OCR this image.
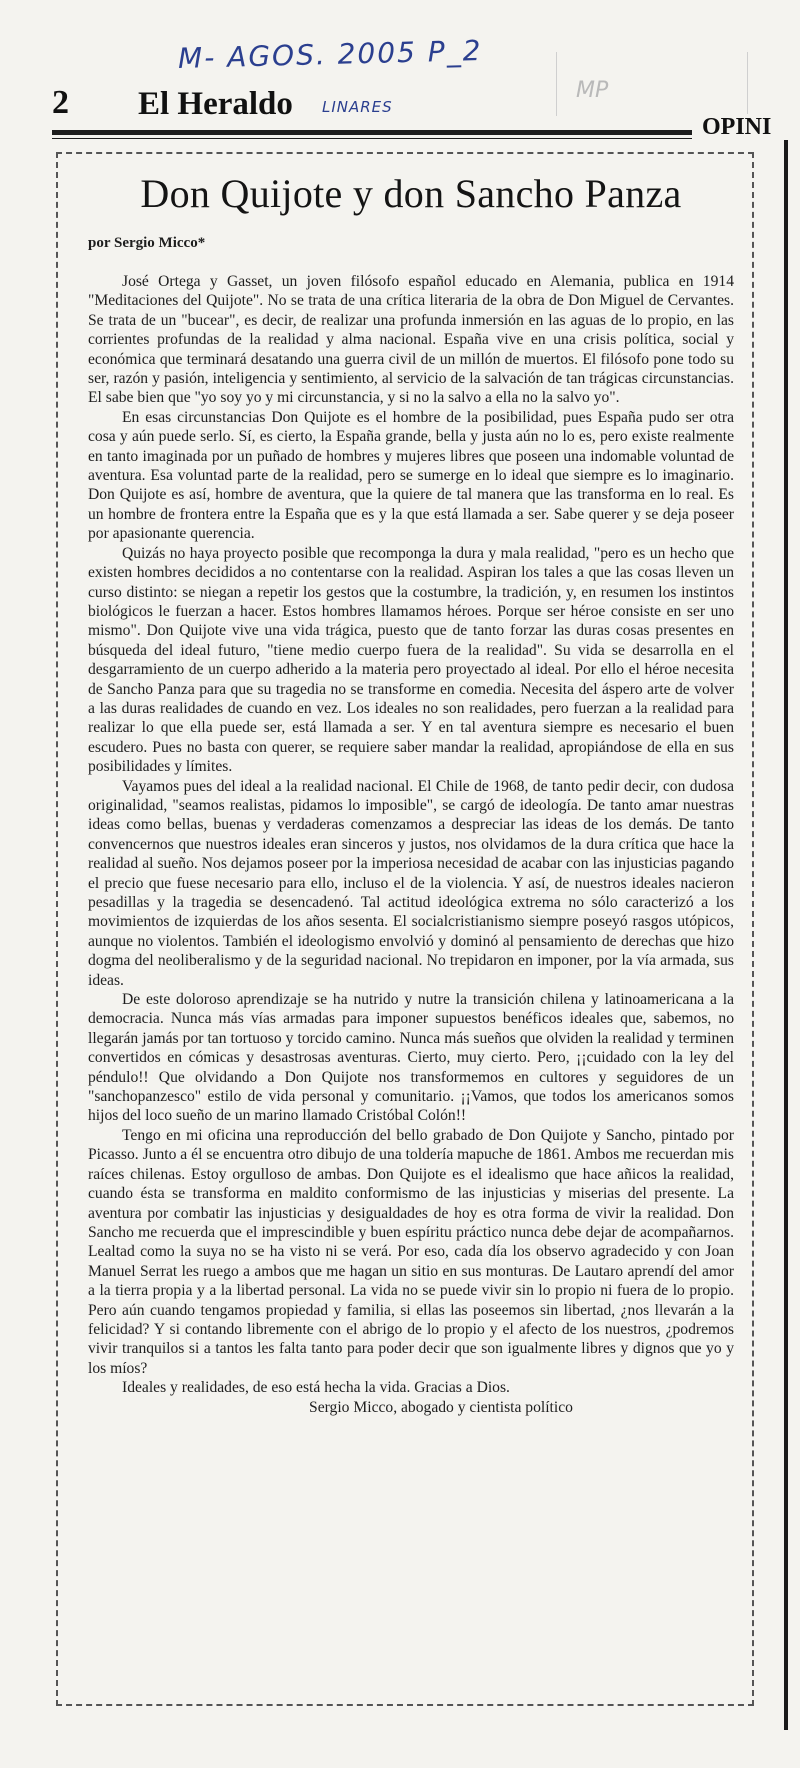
M- AGOS. 2005 P_2
MP
2 El Heraldo
OPINI
LINARES
Don Quijote y don Sancho Panza
por Sergio Micco*

José Ortega y Gasset, un joven filósofo español educado en Alemania, publica en 1914 "Meditaciones del Quijote". No se trata de una crítica literaria de la obra de Don Miguel de Cervantes. Se trata de un "bucear", es decir, de realizar una profunda inmersión en las aguas de lo propio, en las corrientes profundas de la realidad y alma nacional. España vive en una crisis política, social y económica que terminará desatando una guerra civil de un millón de muertos. El filósofo pone todo su ser, razón y pasión, inteligencia y sentimiento, al servicio de la salvación de tan trágicas circunstancias. El sabe bien que "yo soy yo y mi circunstancia, y si no la salvo a ella no la salvo yo".

En esas circunstancias Don Quijote es el hombre de la posibilidad, pues España pudo ser otra cosa y aún puede serlo. Sí, es cierto, la España grande, bella y justa aún no lo es, pero existe realmente en tanto imaginada por un puñado de hombres y mujeres libres que poseen una indomable voluntad de aventura. Esa voluntad parte de la realidad, pero se sumerge en lo ideal que siempre es lo imaginario. Don Quijote es así, hombre de aventura, que la quiere de tal manera que las transforma en lo real. Es un hombre de frontera entre la España que es y la que está llamada a ser. Sabe querer y se deja poseer por apasionante querencia.

Quizás no haya proyecto posible que recomponga la dura y mala realidad, "pero es un hecho que existen hombres decididos a no contentarse con la realidad. Aspiran los tales a que las cosas lleven un curso distinto: se niegan a repetir los gestos que la costumbre, la tradición, y, en resumen los instintos biológicos le fuerzan a hacer. Estos hombres llamamos héroes. Porque ser héroe consiste en ser uno mismo". Don Quijote vive una vida trágica, puesto que de tanto forzar las duras cosas presentes en búsqueda del ideal futuro, "tiene medio cuerpo fuera de la realidad". Su vida se desarrolla en el desgarramiento de un cuerpo adherido a la materia pero proyectado al ideal. Por ello el héroe necesita de Sancho Panza para que su tragedia no se transforme en comedia. Necesita del áspero arte de volver a las duras realidades de cuando en vez. Los ideales no son realidades, pero fuerzan a la realidad para realizar lo que ella puede ser, está llamada a ser. Y en tal aventura siempre es necesario el buen escudero. Pues no basta con querer, se requiere saber mandar la realidad, apropiándose de ella en sus posibilidades y límites.

Vayamos pues del ideal a la realidad nacional. El Chile de 1968, de tanto pedir decir, con dudosa originalidad, "seamos realistas, pidamos lo imposible", se cargó de ideología. De tanto amar nuestras ideas como bellas, buenas y verdaderas comenzamos a despreciar las ideas de los demás. De tanto convencernos que nuestros ideales eran sinceros y justos, nos olvidamos de la dura crítica que hace la realidad al sueño. Nos dejamos poseer por la imperiosa necesidad de acabar con las injusticias pagando el precio que fuese necesario para ello, incluso el de la violencia. Y así, de nuestros ideales nacieron pesadillas y la tragedia se desencadenó. Tal actitud ideológica extrema no sólo caracterizó a los movimientos de izquierdas de los años sesenta. El socialcristianismo siempre poseyó rasgos utópicos, aunque no violentos. También el ideologismo envolvió y dominó al pensamiento de derechas que hizo dogma del neoliberalismo y de la seguridad nacional. No trepidaron en imponer, por la vía armada, sus ideas.

De este doloroso aprendizaje se ha nutrido y nutre la transición chilena y latinoamericana a la democracia. Nunca más vías armadas para imponer supuestos benéficos ideales que, sabemos, no llegarán jamás por tan tortuoso y torcido camino. Nunca más sueños que olviden la realidad y terminen convertidos en cómicas y desastrosas aventuras. Cierto, muy cierto. Pero, ¡¡cuidado con la ley del péndulo!! Que olvidando a Don Quijote nos transformemos en cultores y seguidores de un "sanchopanzesco" estilo de vida personal y comunitario. ¡¡Vamos, que todos los americanos somos hijos del loco sueño de un marino llamado Cristóbal Colón!!

Tengo en mi oficina una reproducción del bello grabado de Don Quijote y Sancho, pintado por Picasso. Junto a él se encuentra otro dibujo de una toldería mapuche de 1861. Ambos me recuerdan mis raíces chilenas. Estoy orgulloso de ambas. Don Quijote es el idealismo que hace añicos la realidad, cuando ésta se transforma en maldito conformismo de las injusticias y miserias del presente. La aventura por combatir las injusticias y desigualdades de hoy es otra forma de vivir la realidad. Don Sancho me recuerda que el imprescindible y buen espíritu práctico nunca debe dejar de acompañarnos. Lealtad como la suya no se ha visto ni se verá. Por eso, cada día los observo agradecido y con Joan Manuel Serrat les ruego a ambos que me hagan un sitio en sus monturas. De Lautaro aprendí del amor a la tierra propia y a la libertad personal. La vida no se puede vivir sin lo propio ni fuera de lo propio. Pero aún cuando tengamos propiedad y familia, si ellas las poseemos sin libertad, ¿nos llevarán a la felicidad? Y si contando libremente con el abrigo de lo propio y el afecto de los nuestros, ¿podremos vivir tranquilos si a tantos les falta tanto para poder decir que son igualmente libres y dignos que yo y los míos?

Ideales y realidades, de eso está hecha la vida. Gracias a Dios.

Sergio Micco, abogado y cientista político
